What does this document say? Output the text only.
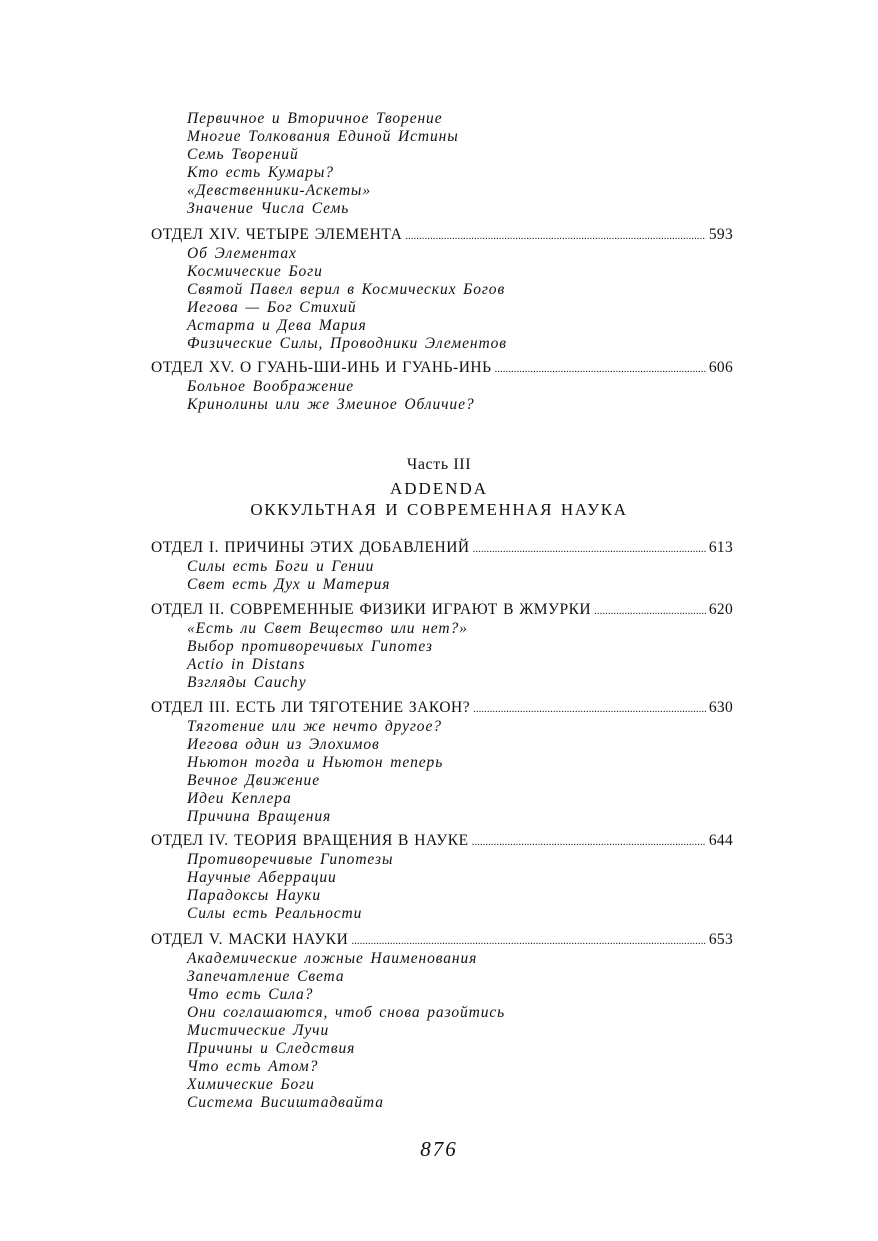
Первичное и Вторичное Творение
Многие Толкования Единой Истины
Семь Творений
Кто есть Кумары?
«Девственники-Аскеты»
Значение Числа Семь
ОТДЕЛ XIV. ЧЕТЫРЕ ЭЛЕМЕНТА .....	593
Об Элементах
Космические Боги
Святой Павел верил в Космических Богов
Иегова — Бог Стихий
Астарта и Дева Мария
Физические Силы, Проводники Элементов
ОТДЕЛ XV. О ГУАНЬ-ШИ-ИНЬ И ГУАНЬ-ИНЬ .....	606
Больное Воображение
Кринолины или же Змеиное Обличие?
Часть III
ADDENDA
ОККУЛЬТНАЯ И СОВРЕМЕННАЯ НАУКА
ОТДЕЛ I. ПРИЧИНЫ ЭТИХ ДОБАВЛЕНИЙ .....	613
Силы есть Боги и Гении
Свет есть Дух и Материя
ОТДЕЛ II. СОВРЕМЕННЫЕ ФИЗИКИ ИГРАЮТ В ЖМУРКИ .....	620
«Есть ли Свет Вещество или нет?»
Выбор противоречивых Гипотез
Actio in Distans
Взгляды Cauchy
ОТДЕЛ III. ЕСТЬ ЛИ ТЯГОТЕНИЕ ЗАКОН? .....	630
Тяготение или же нечто другое?
Иегова один из Элохимов
Ньютон тогда и Ньютон теперь
Вечное Движение
Идеи Кеплера
Причина Вращения
ОТДЕЛ IV. ТЕОРИЯ ВРАЩЕНИЯ В НАУКЕ .....	644
Противоречивые Гипотезы
Научные Аберрации
Парадоксы Науки
Силы есть Реальности
ОТДЕЛ V. МАСКИ НАУКИ .....	653
Академические ложные Наименования
Запечатление Света
Что есть Сила?
Они соглашаются, чтоб снова разойтись
Мистические Лучи
Причины и Следствия
Что есть Атом?
Химические Боги
Система Висиштадвайта
876
